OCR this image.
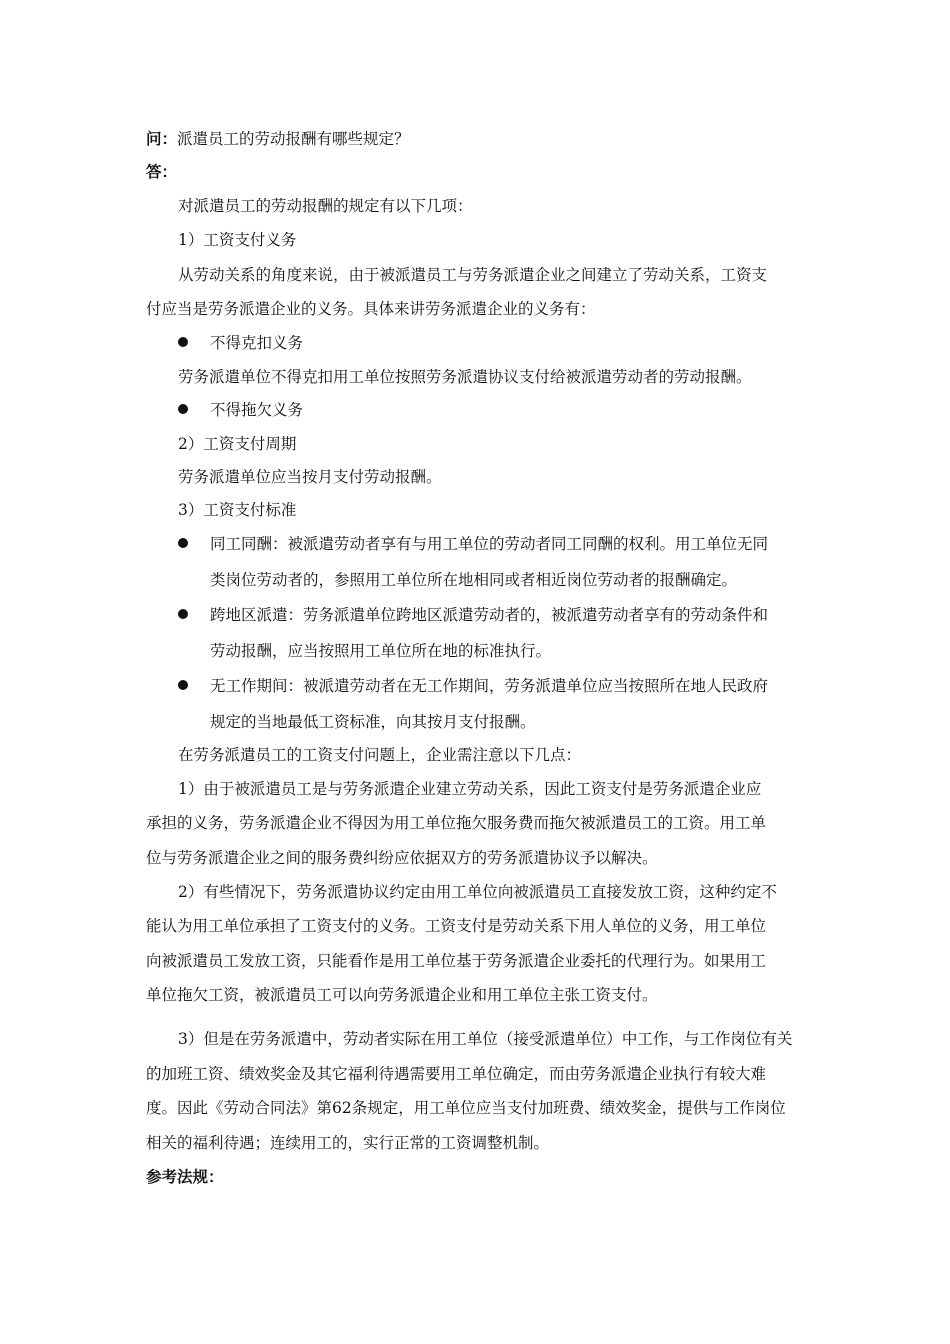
问：派遣员工的劳动报酬有哪些规定？
答：
对派遣员工的劳动报酬的规定有以下几项：
1）工资支付义务
从劳动关系的角度来说，由于被派遣员工与劳务派遣企业之间建立了劳动关系，工资支
付应当是劳务派遣企业的义务。具体来讲劳务派遣企业的义务有：
不得克扣义务
劳务派遣单位不得克扣用工单位按照劳务派遣协议支付给被派遣劳动者的劳动报酬。
不得拖欠义务
2）工资支付周期
劳务派遣单位应当按月支付劳动报酬。
3）工资支付标准
同工同酬：被派遣劳动者享有与用工单位的劳动者同工同酬的权利。用工单位无同
类岗位劳动者的，参照用工单位所在地相同或者相近岗位劳动者的报酬确定。
跨地区派遣：劳务派遣单位跨地区派遣劳动者的，被派遣劳动者享有的劳动条件和
劳动报酬，应当按照用工单位所在地的标准执行。
无工作期间：被派遣劳动者在无工作期间，劳务派遣单位应当按照所在地人民政府
规定的当地最低工资标准，向其按月支付报酬。
在劳务派遣员工的工资支付问题上，企业需注意以下几点：
1）由于被派遣员工是与劳务派遣企业建立劳动关系，因此工资支付是劳务派遣企业应
承担的义务，劳务派遣企业不得因为用工单位拖欠服务费而拖欠被派遣员工的工资。用工单
位与劳务派遣企业之间的服务费纠纷应依据双方的劳务派遣协议予以解决。
2）有些情况下，劳务派遣协议约定由用工单位向被派遣员工直接发放工资，这种约定不
能认为用工单位承担了工资支付的义务。工资支付是劳动关系下用人单位的义务，用工单位
向被派遣员工发放工资，只能看作是用工单位基于劳务派遣企业委托的代理行为。如果用工
单位拖欠工资，被派遣员工可以向劳务派遣企业和用工单位主张工资支付。
3）但是在劳务派遣中，劳动者实际在用工单位（接受派遣单位）中工作，与工作岗位有关
的加班工资、绩效奖金及其它福利待遇需要用工单位确定，而由劳务派遣企业执行有较大难
度。因此《劳动合同法》第62条规定，用工单位应当支付加班费、绩效奖金，提供与工作岗位
相关的福利待遇；连续用工的，实行正常的工资调整机制。
参考法规：
